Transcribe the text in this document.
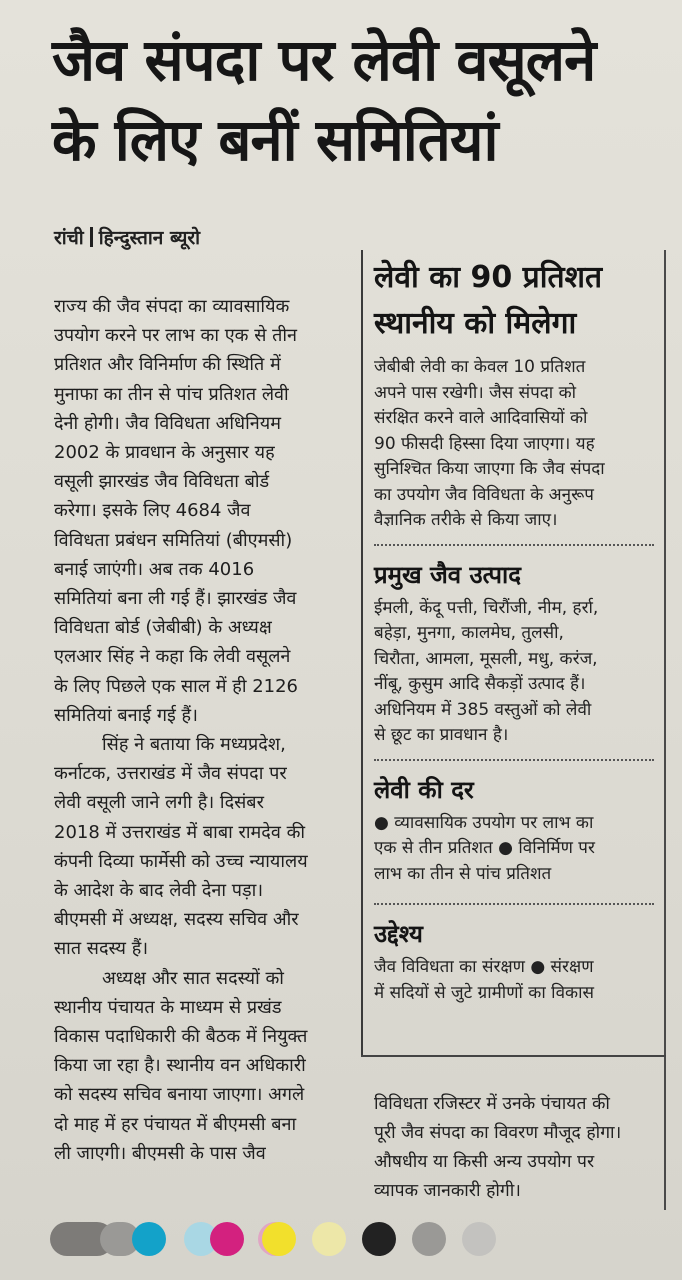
जैव संपदा पर लेवी वसूलने
के लिए बनीं समितियां
रांची हिन्दुस्तान ब्यूरो

राज्य की जैव संपदा का व्यावसायिक
उपयोग करने पर लाभ का एक से तीन
प्रतिशत और विनिर्माण की स्थिति में
मुनाफा का तीन से पांच प्रतिशत लेवी
देनी होगी। जैव विविधता अधिनियम
2002 के प्रावधान के अनुसार यह
वसूली झारखंड जैव विविधता बोर्ड
करेगा। इसके लिए 4684 जैव
विविधता प्रबंधन समितियां (बीएमसी)
बनाई जाएंगी। अब तक 4016
समितियां बना ली गई हैं। झारखंड जैव
विविधता बोर्ड (जेबीबी) के अध्यक्ष
एलआर सिंह ने कहा कि लेवी वसूलने
के लिए पिछले एक साल में ही 2126
समितियां बनाई गई हैं।

सिंह ने बताया कि मध्यप्रदेश,
कर्नाटक, उत्तराखंड में जैव संपदा पर
लेवी वसूली जाने लगी है। दिसंबर
2018 में उत्तराखंड में बाबा रामदेव की
कंपनी दिव्या फार्मेसी को उच्च न्यायालय
के आदेश के बाद लेवी देना पड़ा।
बीएमसी में अध्यक्ष, सदस्य सचिव और
सात सदस्य हैं।

अध्यक्ष और सात सदस्यों को
स्थानीय पंचायत के माध्यम से प्रखंड
विकास पदाधिकारी की बैठक में नियुक्त
किया जा रहा है। स्थानीय वन अधिकारी
को सदस्य सचिव बनाया जाएगा। अगले
दो माह में हर पंचायत में बीएमसी बना
ली जाएगी। बीएमसी के पास जैव

लेवी का 90 प्रतिशत
स्थानीय को मिलेगा
जेबीबी लेवी का केवल 10 प्रतिशत
अपने पास रखेगी। जैस संपदा को
संरक्षित करने वाले आदिवासियों को
90 फीसदी हिस्सा दिया जाएगा। यह
सुनिश्चित किया जाएगा कि जैव संपदा
का उपयोग जैव विविधता के अनुरूप
वैज्ञानिक तरीके से किया जाए।
प्रमुख जैव उत्पाद
ईमली, केंदू पत्ती, चिरौंजी, नीम, हर्रा,
बहेड़ा, मुनगा, कालमेघ, तुलसी,
चिरौता, आमला, मूसली, मधु, करंज,
नींबू, कुसुम आदि सैकड़ों उत्पाद हैं।
अधिनियम में 385 वस्तुओं को लेवी
से छूट का प्रावधान है।
लेवी की दर
● व्यावसायिक उपयोग पर लाभ का
एक से तीन प्रतिशत ● विनिर्मिण पर
लाभ का तीन से पांच प्रतिशत
उद्देश्य
जैव विविधता का संरक्षण ● संरक्षण
में सदियों से जुटे ग्रामीणों का विकास
विविधता रजिस्टर में उनके पंचायत की
पूरी जैव संपदा का विवरण मौजूद होगा।
औषधीय या किसी अन्य उपयोग पर
व्यापक जानकारी होगी।
